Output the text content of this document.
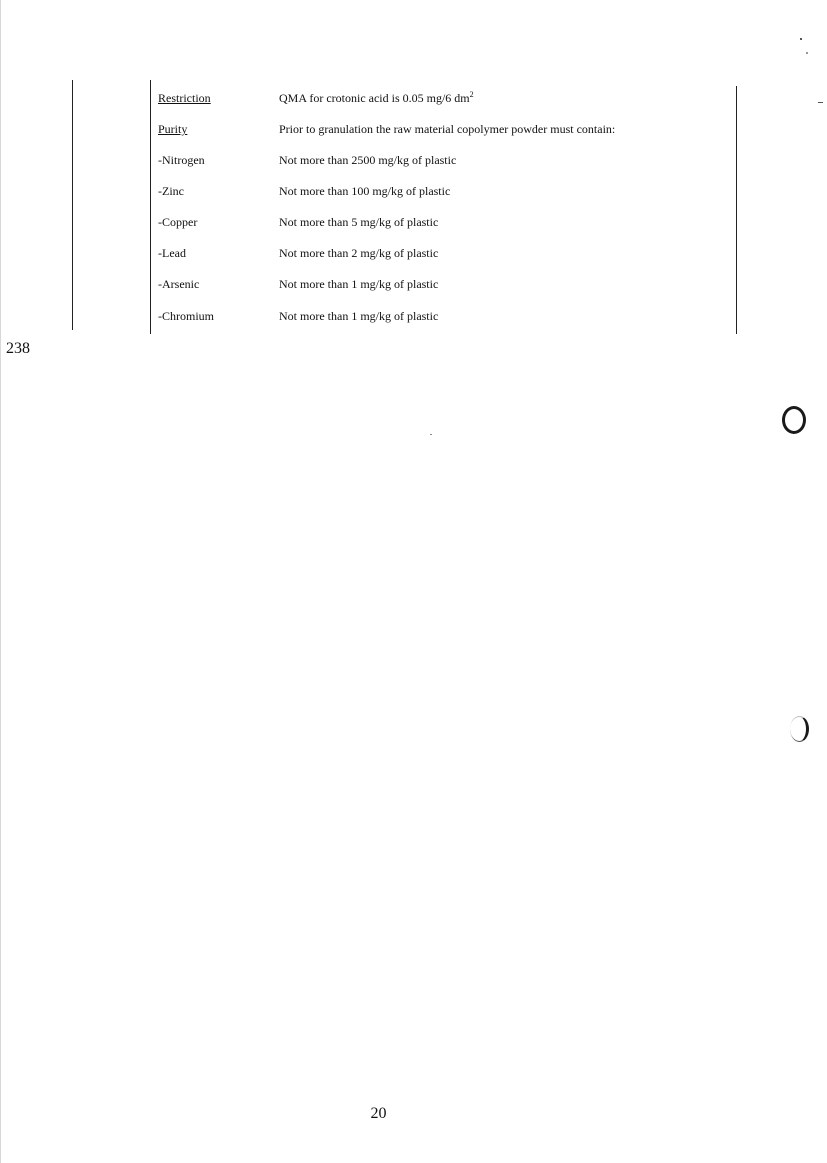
238
Restriction	QMA for crotonic acid is 0.05 mg/6 $dm^2$
Purity	Prior to granulation the raw material copolymer powder must contain:
-Nitrogen	Not more than 2500 mg/kg of plastic
-Zinc	Not more than 100 mg/kg of plastic
-Copper	Not more than 5 mg/kg of plastic
-Lead	Not more than 2 mg/kg of plastic
-Arsenic	Not more than 1 mg/kg of plastic
-Chromium	Not more than 1 mg/kg of plastic
20
